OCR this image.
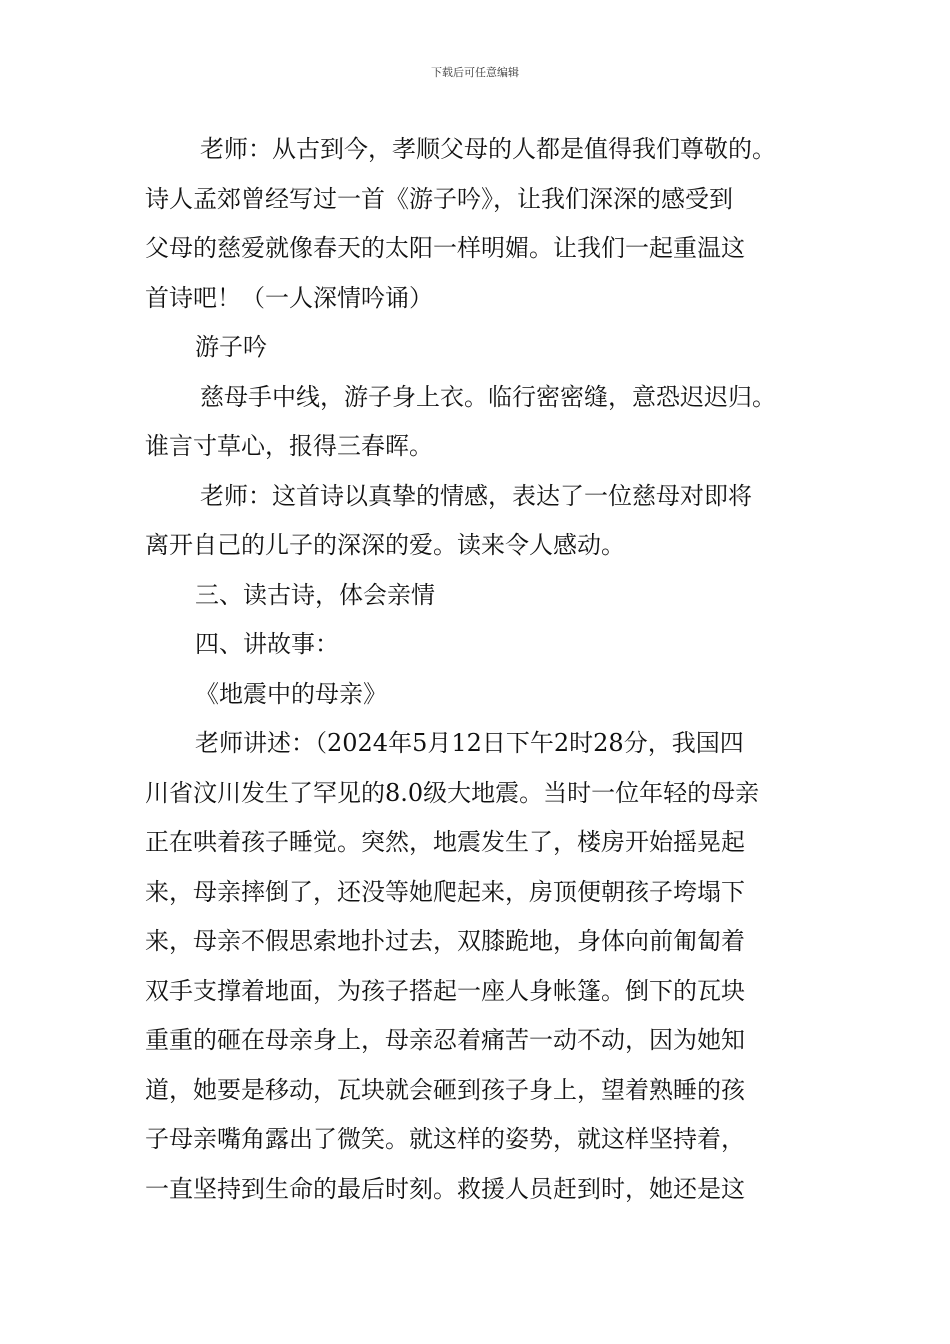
下载后可任意编辑
老师：从古到今，孝顺父母的人都是值得我们尊敬的。
诗人孟郊曾经写过一首《游子吟》，让我们深深的感受到
父母的慈爱就像春天的太阳一样明媚。让我们一起重温这
首诗吧！（一人深情吟诵）
游子吟
慈母手中线，游子身上衣。临行密密缝，意恐迟迟归。
谁言寸草心，报得三春晖。
老师：这首诗以真挚的情感，表达了一位慈母对即将
离开自己的儿子的深深的爱。读来令人感动。
三、读古诗，体会亲情
四、讲故事：
《地震中的母亲》
老师讲述：（2024年5月12日下午2时28分，我国四
川省汶川发生了罕见的8.0级大地震。当时一位年轻的母亲
正在哄着孩子睡觉。突然，地震发生了，楼房开始摇晃起
来，母亲摔倒了，还没等她爬起来，房顶便朝孩子垮塌下
来，母亲不假思索地扑过去，双膝跪地，身体向前匍匐着
双手支撑着地面，为孩子搭起一座人身帐篷。倒下的瓦块
重重的砸在母亲身上，母亲忍着痛苦一动不动，因为她知
道，她要是移动，瓦块就会砸到孩子身上，望着熟睡的孩
子母亲嘴角露出了微笑。就这样的姿势，就这样坚持着，
一直坚持到生命的最后时刻。救援人员赶到时，她还是这
